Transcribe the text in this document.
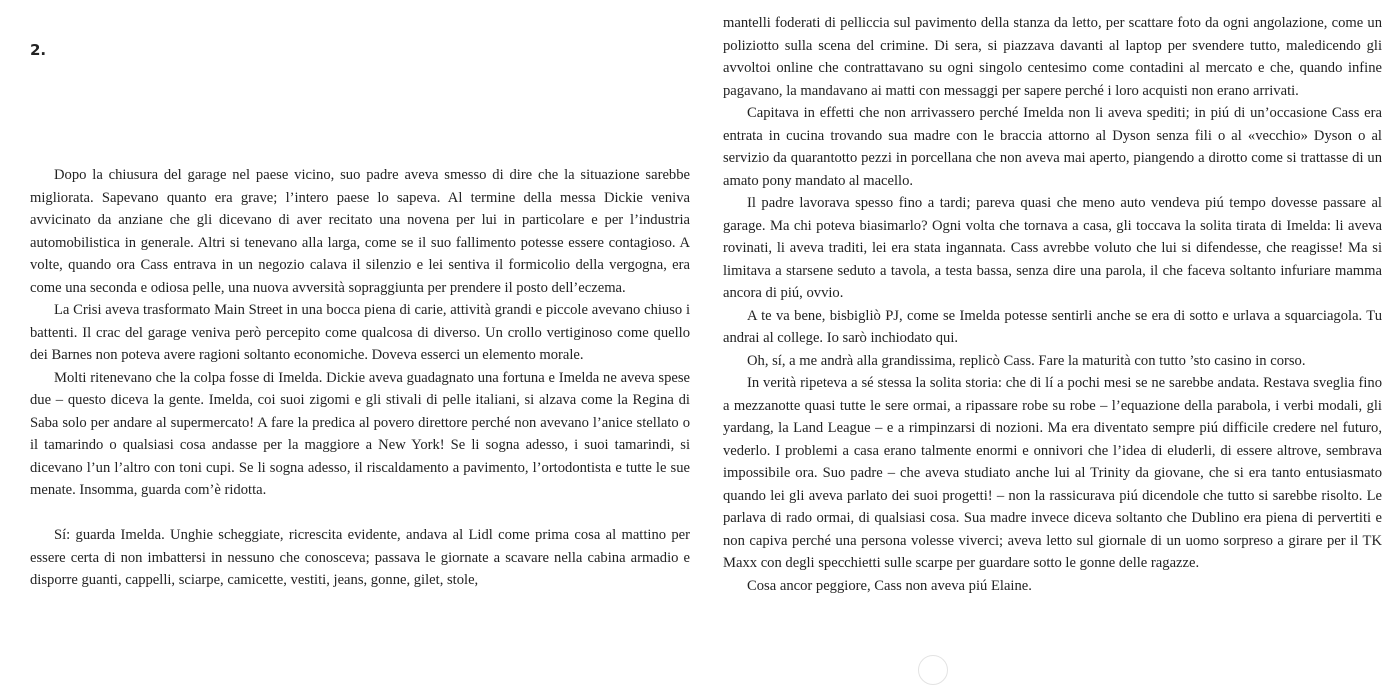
2.

Dopo la chiusura del garage nel paese vicino, suo padre aveva smesso di dire che la situazione sarebbe migliorata. Sapevano quanto era grave; l’intero paese lo sapeva. Al termine della messa Dickie veniva avvicinato da anziane che gli dicevano di aver recitato una novena per lui in particolare e per l’industria automobilistica in generale. Altri si tenevano alla larga, come se il suo fallimento potesse essere contagioso. A volte, quando ora Cass entrava in un negozio calava il silenzio e lei sentiva il formicolio della vergogna, era come una seconda e odiosa pelle, una nuova avversità sopraggiunta per prendere il posto dell’eczema.

La Crisi aveva trasformato Main Street in una bocca piena di carie, attività grandi e piccole avevano chiuso i battenti. Il crac del garage veniva però percepito come qualcosa di diverso. Un crollo vertiginoso come quello dei Barnes non poteva avere ragioni soltanto economiche. Doveva esserci un elemento morale.

Molti ritenevano che la colpa fosse di Imelda. Dickie aveva guadagnato una fortuna e Imelda ne aveva spese due – questo diceva la gente. Imelda, coi suoi zigomi e gli stivali di pelle italiani, si alzava come la Regina di Saba solo per andare al supermercato! A fare la predica al povero direttore perché non avevano l’anice stellato o il tamarindo o qualsiasi cosa andasse per la maggiore a New York! Se li sogna adesso, i suoi tamarindi, si dicevano l’un l’altro con toni cupi. Se li sogna adesso, il riscaldamento a pavimento, l’ortodontista e tutte le sue menate. Insomma, guarda com’è ridotta.

Sí: guarda Imelda. Unghie scheggiate, ricrescita evidente, andava al Lidl come prima cosa al mattino per essere certa di non imbattersi in nessuno che conosceva; passava le giornate a scavare nella cabina armadio e disporre guanti, cappelli, sciarpe, camicette, vestiti, jeans, gonne, gilet, stole,

mantelli foderati di pelliccia sul pavimento della stanza da letto, per scattare foto da ogni angolazione, come un poliziotto sulla scena del crimine. Di sera, si piazzava davanti al laptop per svendere tutto, maledicendo gli avvoltoi online che contrattavano su ogni singolo centesimo come contadini al mercato e che, quando infine pagavano, la mandavano ai matti con messaggi per sapere perché i loro acquisti non erano arrivati.

Capitava in effetti che non arrivassero perché Imelda non li aveva spediti; in piú di un’occasione Cass era entrata in cucina trovando sua madre con le braccia attorno al Dyson senza fili o al «vecchio» Dyson o al servizio da quarantotto pezzi in porcellana che non aveva mai aperto, piangendo a dirotto come si trattasse di un amato pony mandato al macello.

Il padre lavorava spesso fino a tardi; pareva quasi che meno auto vendeva piú tempo dovesse passare al garage. Ma chi poteva biasimarlo? Ogni volta che tornava a casa, gli toccava la solita tirata di Imelda: li aveva rovinati, li aveva traditi, lei era stata ingannata. Cass avrebbe voluto che lui si difendesse, che reagisse! Ma si limitava a starsene seduto a tavola, a testa bassa, senza dire una parola, il che faceva soltanto infuriare mamma ancora di piú, ovvio.

A te va bene, bisbigliò PJ, come se Imelda potesse sentirli anche se era di sotto e urlava a squarciagola. Tu andrai al college. Io sarò inchiodato qui.

Oh, sí, a me andrà alla grandissima, replicò Cass. Fare la maturità con tutto ’sto casino in corso.

In verità ripeteva a sé stessa la solita storia: che di lí a pochi mesi se ne sarebbe andata. Restava sveglia fino a mezzanotte quasi tutte le sere ormai, a ripassare robe su robe – l’equazione della parabola, i verbi modali, gli yardang, la Land League – e a rimpinzarsi di nozioni. Ma era diventato sempre piú difficile credere nel futuro, vederlo. I problemi a casa erano talmente enormi e onnivori che l’idea di eluderli, di essere altrove, sembrava impossibile ora. Suo padre – che aveva studiato anche lui al Trinity da giovane, che si era tanto entusiasmato quando lei gli aveva parlato dei suoi progetti! – non la rassicurava piú dicendole che tutto si sarebbe risolto. Le parlava di rado ormai, di qualsiasi cosa. Sua madre invece diceva soltanto che Dublino era piena di pervertiti e non capiva perché una persona volesse viverci; aveva letto sul giornale di un uomo sorpreso a girare per il TK Maxx con degli specchietti sulle scarpe per guardare sotto le gonne delle ragazze.

Cosa ancor peggiore, Cass non aveva piú Elaine.
